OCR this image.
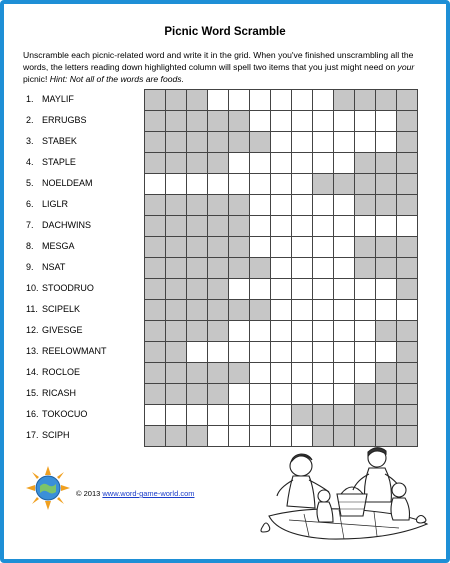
Picnic Word Scramble
Unscramble each picnic-related word and write it in the grid. When you've finished unscrambling all the words, the letters reading down highlighted column will spell two items that you just might need on your picnic! Hint: Not all of the words are foods.
1. MAYLIF
2. ERRUGBS
3. STABEK
4. STAPLE
5. NOELDEAM
6. LIGLR
7. DACHWINS
8. MESGA
9. NSAT
10. STOODRUO
11. SCIPELK
12. GIVESGE
13. REELOWMANT
14. ROCLOE
15. RICASH
16. TOKOCUO
17. SCIPH
© 2013 www.word-game-world.com
